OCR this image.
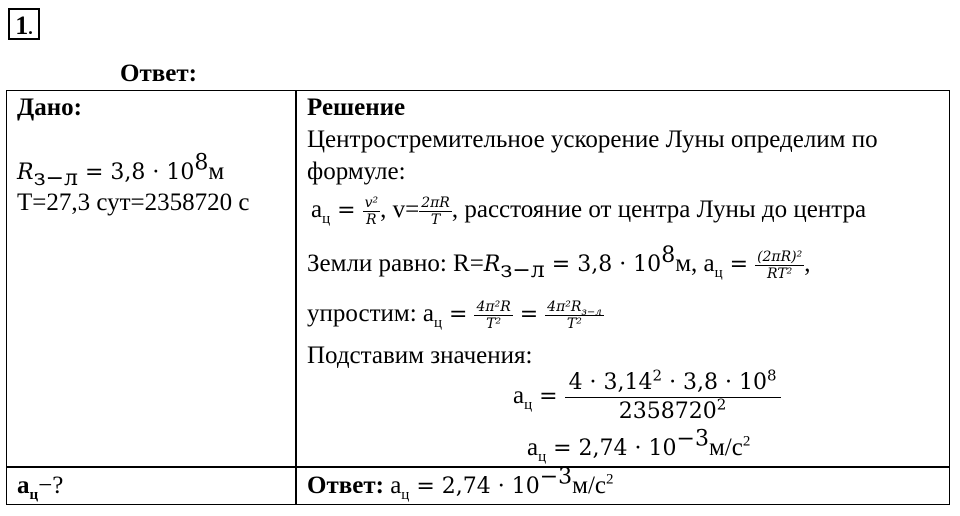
1.
Ответ:
Дано:
$R_{з-л} = 3,8 \cdot 10^8м$
T=27,3 сут=2358720 с
$a_ц-$?
Решение
Центростремительное ускорение Луны определим по
формуле:
$a_ц = \frac{\text{v²}}{R}$ , $v= \frac{2\pi R}{T}$ , расстояние от центра Луны до центра
Земли равно: $R=R_{з-л} = 3,8 \cdot 10^8м$, $a_ц = \frac{\text{(2πR)²}}{\text{RT²}}$ ,
упростим: $a_ц = \frac{\text{4π²R}}{\text{T²}} = \frac{4\pi^2R_{з-л}}{\text{T²}}$
Подставим значения:
$a_ц = \frac{4 \cdot 3,14^2 \cdot 3,8 \cdot 10^8}{2358720^2}$
$a_ц = 2,74 \cdot 10^{-3}м/с^2$
Ответ: $a_ц = 2,74 \cdot 10^{-3}м/с^2$
